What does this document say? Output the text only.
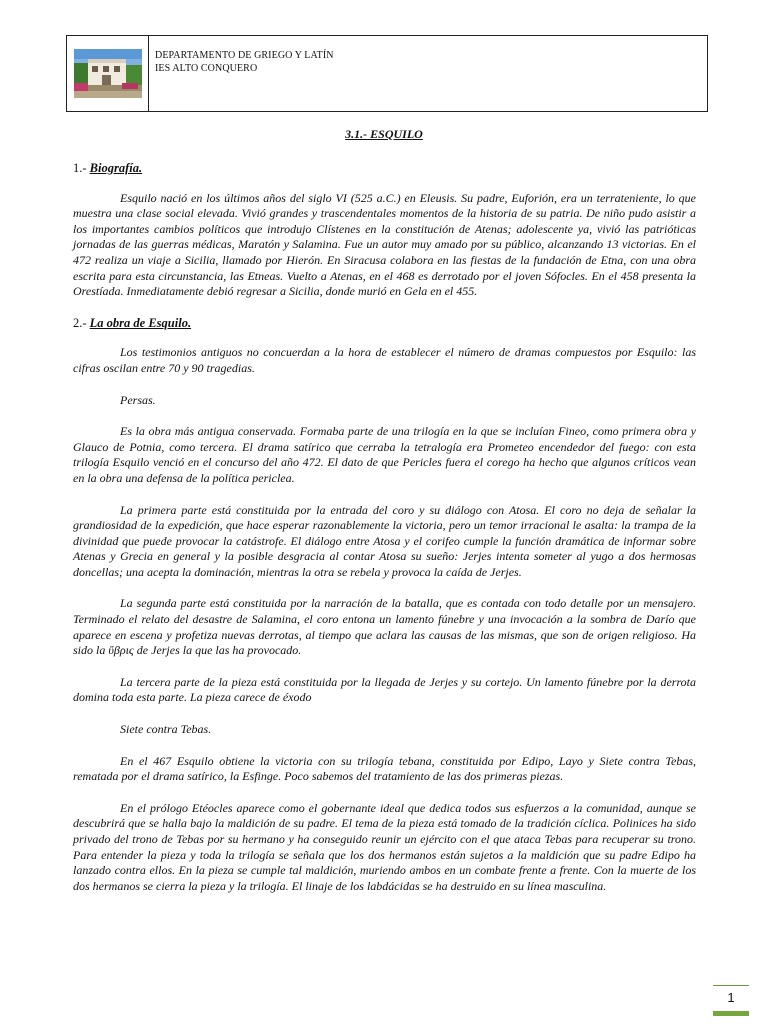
DEPARTAMENTO DE GRIEGO Y LATÍN
IES ALTO CONQUERO
3.1.- ESQUILO
1.- Biografía.

Esquilo nació en los últimos años del siglo VI (525 a.C.) en Eleusis. Su padre, Euforión, era un terrateniente, lo que muestra una clase social elevada. Vivió grandes y trascendentales momentos de la historia de su patria. De niño pudo asistir a los importantes cambios políticos que introdujo Clístenes en la constitución de Atenas; adolescente ya, vivió las patrióticas jornadas de las guerras médicas, Maratón y Salamina. Fue un autor muy amado por su público, alcanzando 13 victorias. En el 472 realiza un viaje a Sicilia, llamado por Hierón. En Siracusa colabora en las fiestas de la fundación de Etna, con una obra escrita para esta circunstancia, las Etneas. Vuelto a Atenas, en el 468 es derrotado por el joven Sófocles. En el 458 presenta la Orestíada. Inmediatamente debió regresar a Sicilia, donde murió en Gela en el 455.

2.- La obra de Esquilo.

Los testimonios antiguos no concuerdan a la hora de establecer el número de dramas compuestos por Esquilo: las cifras oscilan entre 70 y 90 tragedias.

Persas.

Es la obra más antigua conservada. Formaba parte de una trilogía en la que se incluían Fineo, como primera obra y Glauco de Potnia, como tercera. El drama satírico que cerraba la tetralogía era Prometeo encendedor del fuego: con esta trilogía Esquilo venció en el concurso del año 472. El dato de que Pericles fuera el corego ha hecho que algunos críticos vean en la obra una defensa de la política pericleа.

La primera parte está constituida por la entrada del coro y su diálogo con Atosa. El coro no deja de señalar la grandiosidad de la expedición, que hace esperar razonablemente la victoria, pero un temor irracional le asalta: la trampa de la divinidad que puede provocar la catástrofe. El diálogo entre Atosa y el corifeo cumple la función dramática de informar sobre Atenas y Grecia en general y la posible desgracia al contar Atosa su sueño: Jerjes intenta someter al yugo a dos hermosas doncellas; una acepta la dominación, mientras la otra se rebela y provoca la caída de Jerjes.

La segunda parte está constituida por la narración de la batalla, que es contada con todo detalle por un mensajero. Terminado el relato del desastre de Salamina, el coro entona un lamento fúnebre y una invocación a la sombra de Darío que aparece en escena y profetiza nuevas derrotas, al tiempo que aclara las causas de las mismas, que son de origen religioso. Ha sido la ὕβρις de Jerjes la que las ha provocado.

La tercera parte de la pieza está constituida por la llegada de Jerjes y su cortejo. Un lamento fúnebre por la derrota domina toda esta parte. La pieza carece de éxodo

Siete contra Tebas.

En el 467 Esquilo obtiene la victoria con su trilogía tebana, constituida por Edipo, Layo y Siete contra Tebas, rematada por el drama satírico, la Esfinge. Poco sabemos del tratamiento de las dos primeras piezas.

En el prólogo Etéocles aparece como el gobernante ideal que dedica todos sus esfuerzos a la comunidad, aunque se descubrirá que se halla bajo la maldición de su padre. El tema de la pieza está tomado de la tradición cíclica. Polinices ha sido privado del trono de Tebas por su hermano y ha conseguido reunir un ejército con el que ataca Tebas para recuperar su trono. Para entender la pieza y toda la trilogía se señala que los dos hermanos están sujetos a la maldición que su padre Edipo ha lanzado contra ellos. En la pieza se cumple tal maldición, muriendo ambos en un combate frente a frente. Con la muerte de los dos hermanos se cierra la pieza y la trilogía. El linaje de los labdácidas se ha destruido en su línea masculina.

1
